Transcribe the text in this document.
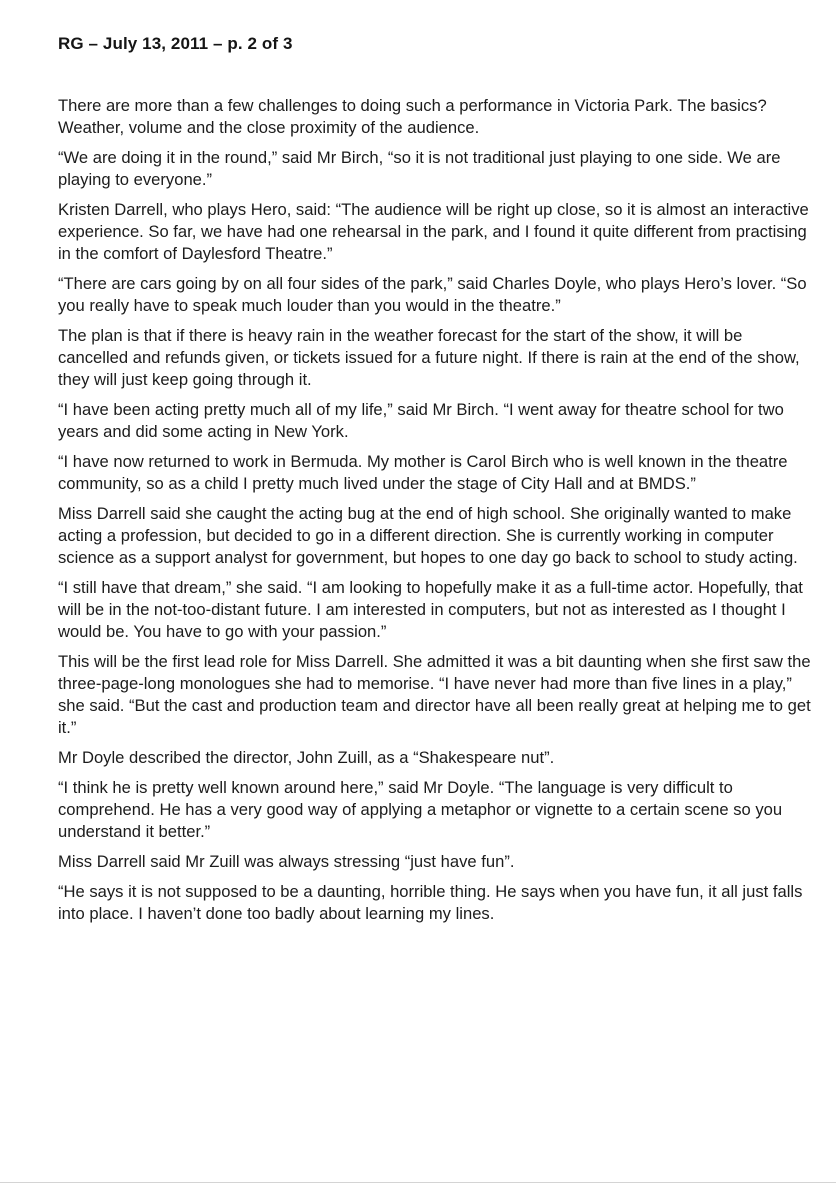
RG – July 13, 2011 – p. 2 of 3

There are more than a few challenges to doing such a performance in Victoria Park. The basics? Weather, volume and the close proximity of the audience.

“We are doing it in the round,” said Mr Birch, “so it is not traditional just playing to one side. We are playing to everyone.”

Kristen Darrell, who plays Hero, said: “The audience will be right up close, so it is almost an interactive experience. So far, we have had one rehearsal in the park, and I found it quite different from practising in the comfort of Daylesford Theatre.”

“There are cars going by on all four sides of the park,” said Charles Doyle, who plays Hero’s lover. “So you really have to speak much louder than you would in the theatre.”

The plan is that if there is heavy rain in the weather forecast for the start of the show, it will be cancelled and refunds given, or tickets issued for a future night. If there is rain at the end of the show, they will just keep going through it.

“I have been acting pretty much all of my life,” said Mr Birch. “I went away for theatre school for two years and did some acting in New York.

“I have now returned to work in Bermuda. My mother is Carol Birch who is well known in the theatre community, so as a child I pretty much lived under the stage of City Hall and at BMDS.”

Miss Darrell said she caught the acting bug at the end of high school. She originally wanted to make acting a profession, but decided to go in a different direction. She is currently working in computer science as a support analyst for government, but hopes to one day go back to school to study acting.

“I still have that dream,” she said. “I am looking to hopefully make it as a full-time actor. Hopefully, that will be in the not-too-distant future. I am interested in computers, but not as interested as I thought I would be. You have to go with your passion.”

This will be the first lead role for Miss Darrell. She admitted it was a bit daunting when she first saw the three-page-long monologues she had to memorise. “I have never had more than five lines in a play,” she said. “But the cast and production team and director have all been really great at helping me to get it.”

Mr Doyle described the director, John Zuill, as a “Shakespeare nut”.

“I think he is pretty well known around here,” said Mr Doyle. “The language is very difficult to comprehend. He has a very good way of applying a metaphor or vignette to a certain scene so you understand it better.”

Miss Darrell said Mr Zuill was always stressing “just have fun”.

“He says it is not supposed to be a daunting, horrible thing. He says when you have fun, it all just falls into place. I haven’t done too badly about learning my lines.
